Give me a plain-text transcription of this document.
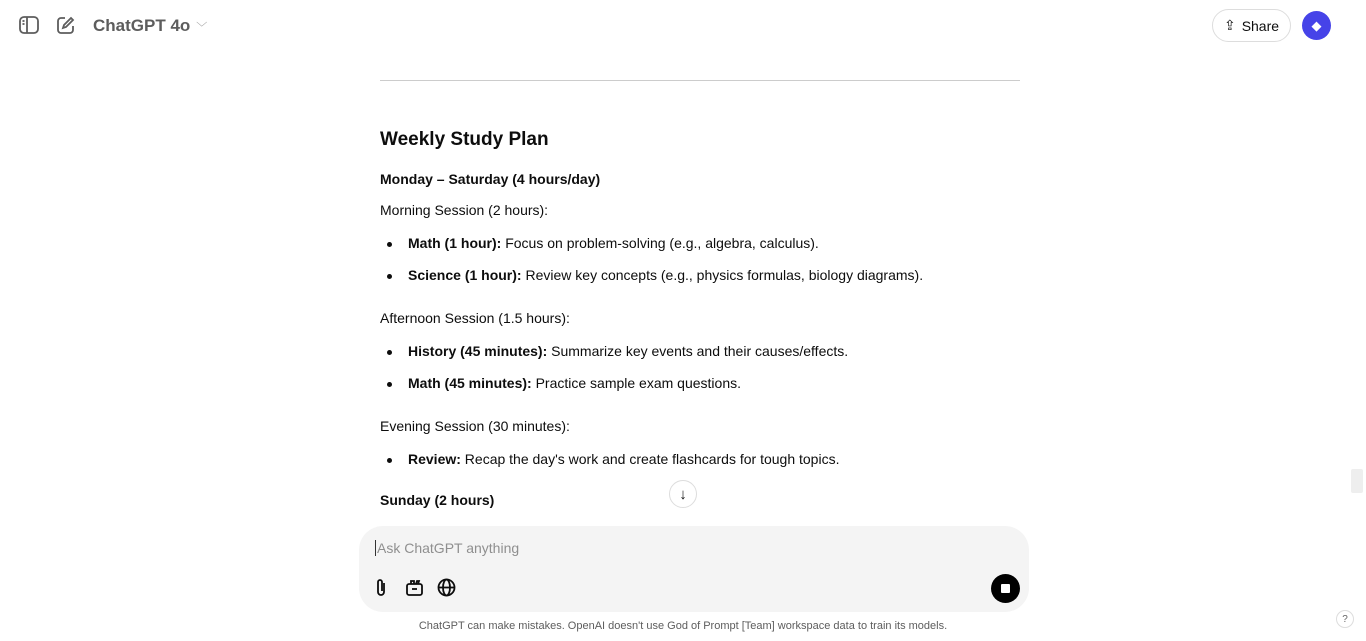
ChatGPT 4o ﹀	⇪ Share ◆
Weekly Study Plan
Monday – Saturday (4 hours/day)
Morning Session (2 hours):
Math (1 hour): Focus on problem-solving (e.g., algebra, calculus).
Science (1 hour): Review key concepts (e.g., physics formulas, biology diagrams).
Afternoon Session (1.5 hours):
History (45 minutes): Summarize key events and their causes/effects.
Math (45 minutes): Practice sample exam questions.
Evening Session (30 minutes):
Review: Recap the day's work and create flashcards for tough topics.
Sunday (2 hours)	↓
Ask ChatGPT anything
ChatGPT can make mistakes. OpenAI doesn't use God of Prompt [Team] workspace data to train its models.
?
